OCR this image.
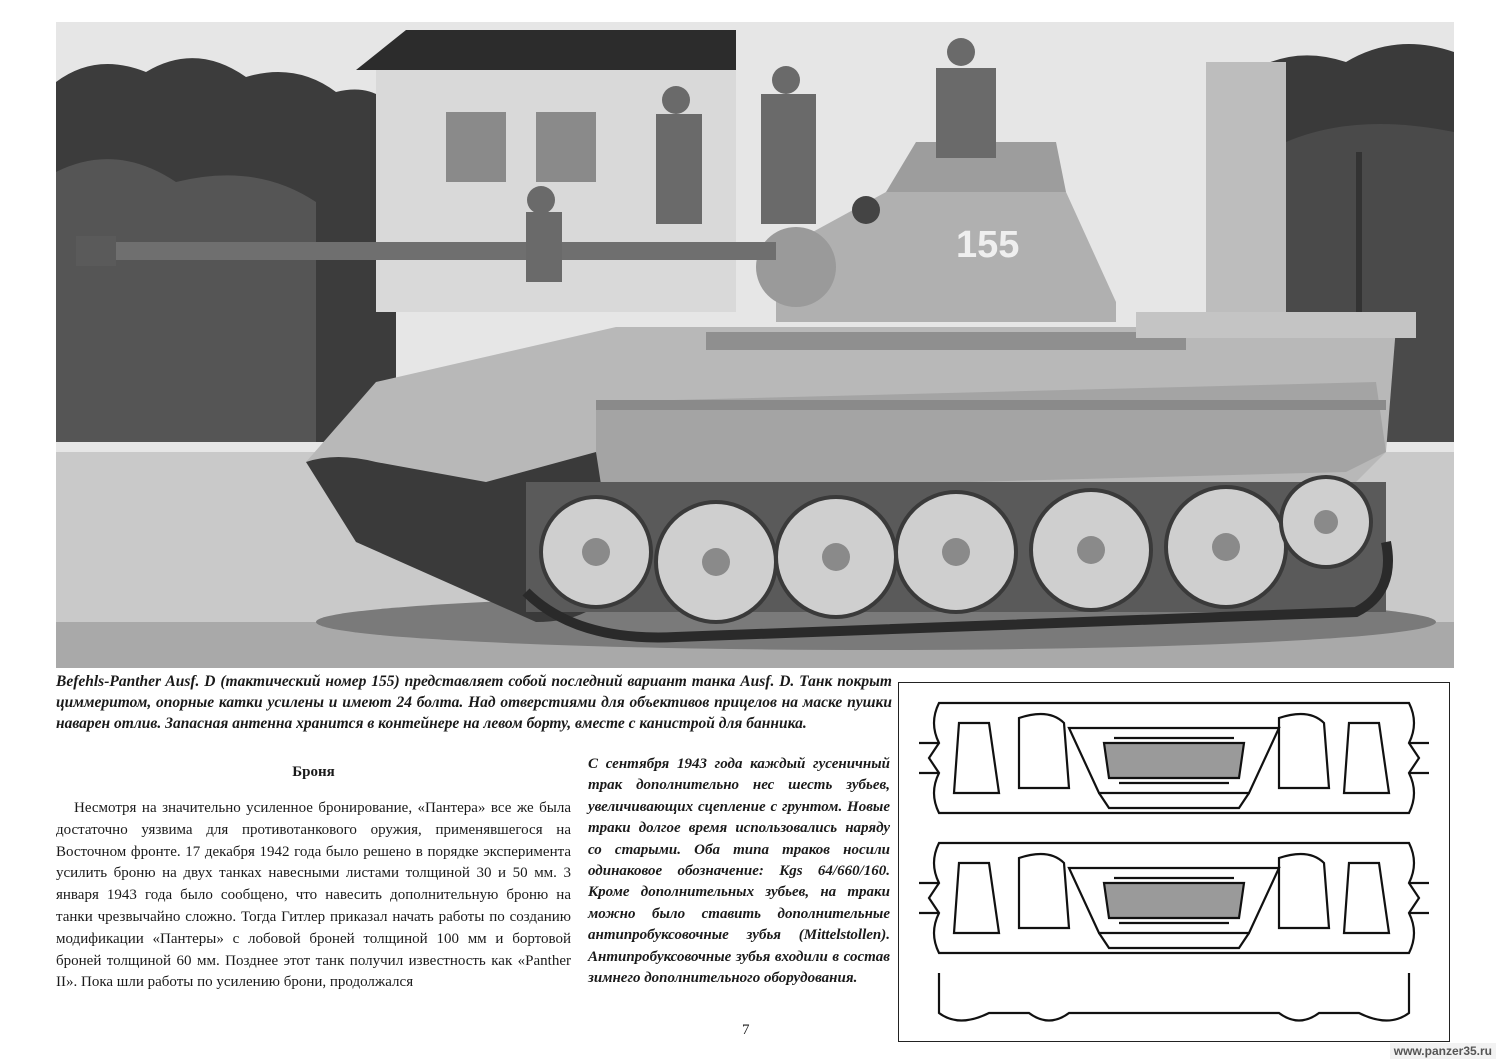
155

Befehls-Panther Ausf. D (тактический номер 155) представляет собой последний вариант танка Ausf. D. Танк покрыт циммеритом, опорные катки усилены и имеют 24 болта. Над отверстиями для объективов прицелов на маске пушки наварен отлив. Запасная антенна хранится в контейнере на левом борту, вместе с канистрой для банника.

Броня

Несмотря на значительно усиленное бронирование, «Пантера» все же была достаточно уязвима для противотанкового оружия, применявшегося на Восточном фронте. 17 декабря 1942 года было решено в порядке эксперимента усилить броню на двух танках навесными листами толщиной 30 и 50 мм. 3 января 1943 года было сообщено, что навесить дополнительную броню на танки чрезвычайно сложно. Тогда Гитлер приказал начать работы по созданию модификации «Пантеры» с лобовой броней толщиной 100 мм и бортовой броней толщиной 60 мм. Позднее этот танк получил известность как «Panther II». Пока шли работы по усилению брони, продолжался

С сентября 1943 года каждый гусеничный трак дополнительно нес шесть зубьев, увеличивающих сцепление с грунтом. Новые траки долгое время использовались наряду со старыми. Оба типа траков носили одинаковое обозначение: Kgs 64/660/160. Кроме дополнительных зубьев, на траки можно было ставить дополнительные антипробуксовочные зубья (Mittelstollen). Антипробуксовочные зубья входили в состав зимнего дополнительного оборудования.

7

www.panzer35.ru
